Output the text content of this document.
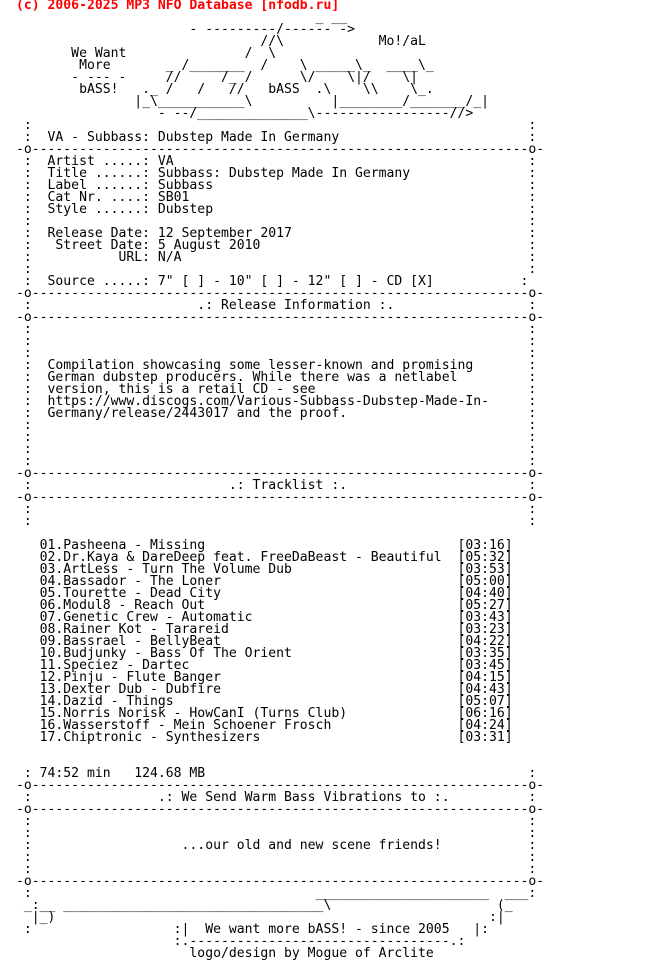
(c) 2006-2025 MP3 NFO Database [nfodb.ru]
_ __
- ---------/------ ->
//\            Mo!/aL
We Want               /  \
More       _ /_______  /    \ _____\_  ____\_
- --- -     //     /_ /      \/    \|/    \|
bASS!   ._ /   /   //   bASS  .\    \\    \_.
|_\___________\          |________/_______/_|
- --/______________\-----------------//>
:                                                               :
:  VA - Subbass: Dubstep Made In Germany                        :
-o---------------------------------------------------------------o-
:  Artist .....: VA                                             :
:  Title ......: Subbass: Dubstep Made In Germany               :
:  Label ......: Subbass                                        :
:  Cat Nr. ....: SB01                                           :
:  Style ......: Dubstep                                        :
:                                                               :
:  Release Date: 12 September 2017                              :
:   Street Date: 5 August 2010                                  :
:           URL: N/A                                            :
:                                                               :
:  Source .....: 7" [ ] - 10" [ ] - 12" [ ] - CD [X]           :
-o---------------------------------------------------------------o-
:                     .: Release Information :.                 :
-o---------------------------------------------------------------o-
:                                                               :
:                                                               :
:                                                               :
:  Compilation showcasing some lesser-known and promising       :
:  German dubstep producers. While there was a netlabel         :
:  version, this is a retail CD - see                           :
:  https://www.discogs.com/Various-Subbass-Dubstep-Made-In-     :
:  Germany/release/2443017 and the proof.                       :
:                                                               :
:                                                               :
:                                                               :
:                                                               :
-o---------------------------------------------------------------o-
:                         .: Tracklist :.                       :
-o---------------------------------------------------------------o-
:                                                               :
:                                                               :
01.Pasheena - Missing                                [03:16]
02.Dr.Kaya & DareDeep feat. FreeDaBeast - Beautiful  [05:32]
03.ArtLess - Turn The Volume Dub                     [03:53]
04.Bassador - The Loner                              [05:00]
05.Tourette - Dead City                              [04:40]
06.Modul8 - Reach Out                                [05:27]
07.Genetic Crew - Automatic                          [03:43]
08.Rainer Kot - Tarareid                             [03:23]
09.Bassrael - BellyBeat                              [04:22]
10.Budjunky - Bass Of The Orient                     [03:35]
11.Speciez - Dartec                                  [03:45]
12.Pinju - Flute Banger                              [04:15]
13.Dexter Dub - Dubfire                              [04:43]
14.Dazid - Things                                    [05:07]
15.Norris Norisk - HowCanI (Turns Club)              [06:16]
16.Wasserstoff - Mein Schoener Frosch                [04:24]
17.Chiptronic - Synthesizers                         [03:31]
: 74:52 min   124.68 MB                                         :
-o---------------------------------------------------------------o-
:                .: We Send Warm Bass Vibrations to :.          :
-o---------------------------------------------------------------o-
:                                                               :
:                                                               :
:                   ...our old and new scene friends!           :
:                                                               :
:                                                               :
-o---------------------------------------------------------------o-
:                                    ______________________  ___:
_:__ _________________________________\                     (_
|_)                                                       :|
:                  :|  We want more bASS! - since 2005   |:
:.---------------------------------.:
logo/design by Mogue of Arclite
